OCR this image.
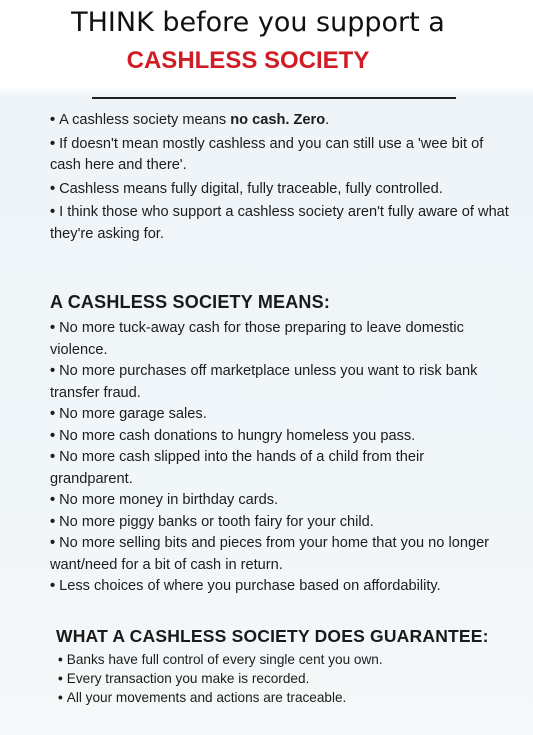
THINK before you support a
CASHLESS SOCIETY
• A cashless society means no cash. Zero.
• If doesn't mean mostly cashless and you can still use a 'wee bit of cash here and there'.
• Cashless means fully digital, fully traceable, fully controlled.
• I think those who support a cashless society aren't fully aware of what they're asking for.
A CASHLESS SOCIETY MEANS:
• No more tuck-away cash for those preparing to leave domestic violence.
• No more purchases off marketplace unless you want to risk bank transfer fraud.
• No more garage sales.
• No more cash donations to hungry homeless you pass.
• No more cash slipped into the hands of a child from their grandparent.
• No more money in birthday cards.
• No more piggy banks or tooth fairy for your child.
• No more selling bits and pieces from your home that you no longer want/need for a bit of cash in return.
• Less choices of where you purchase based on affordability.
WHAT A CASHLESS SOCIETY DOES GUARANTEE:
• Banks have full control of every single cent you own.
• Every transaction you make is recorded.
• All your movements and actions are traceable.
